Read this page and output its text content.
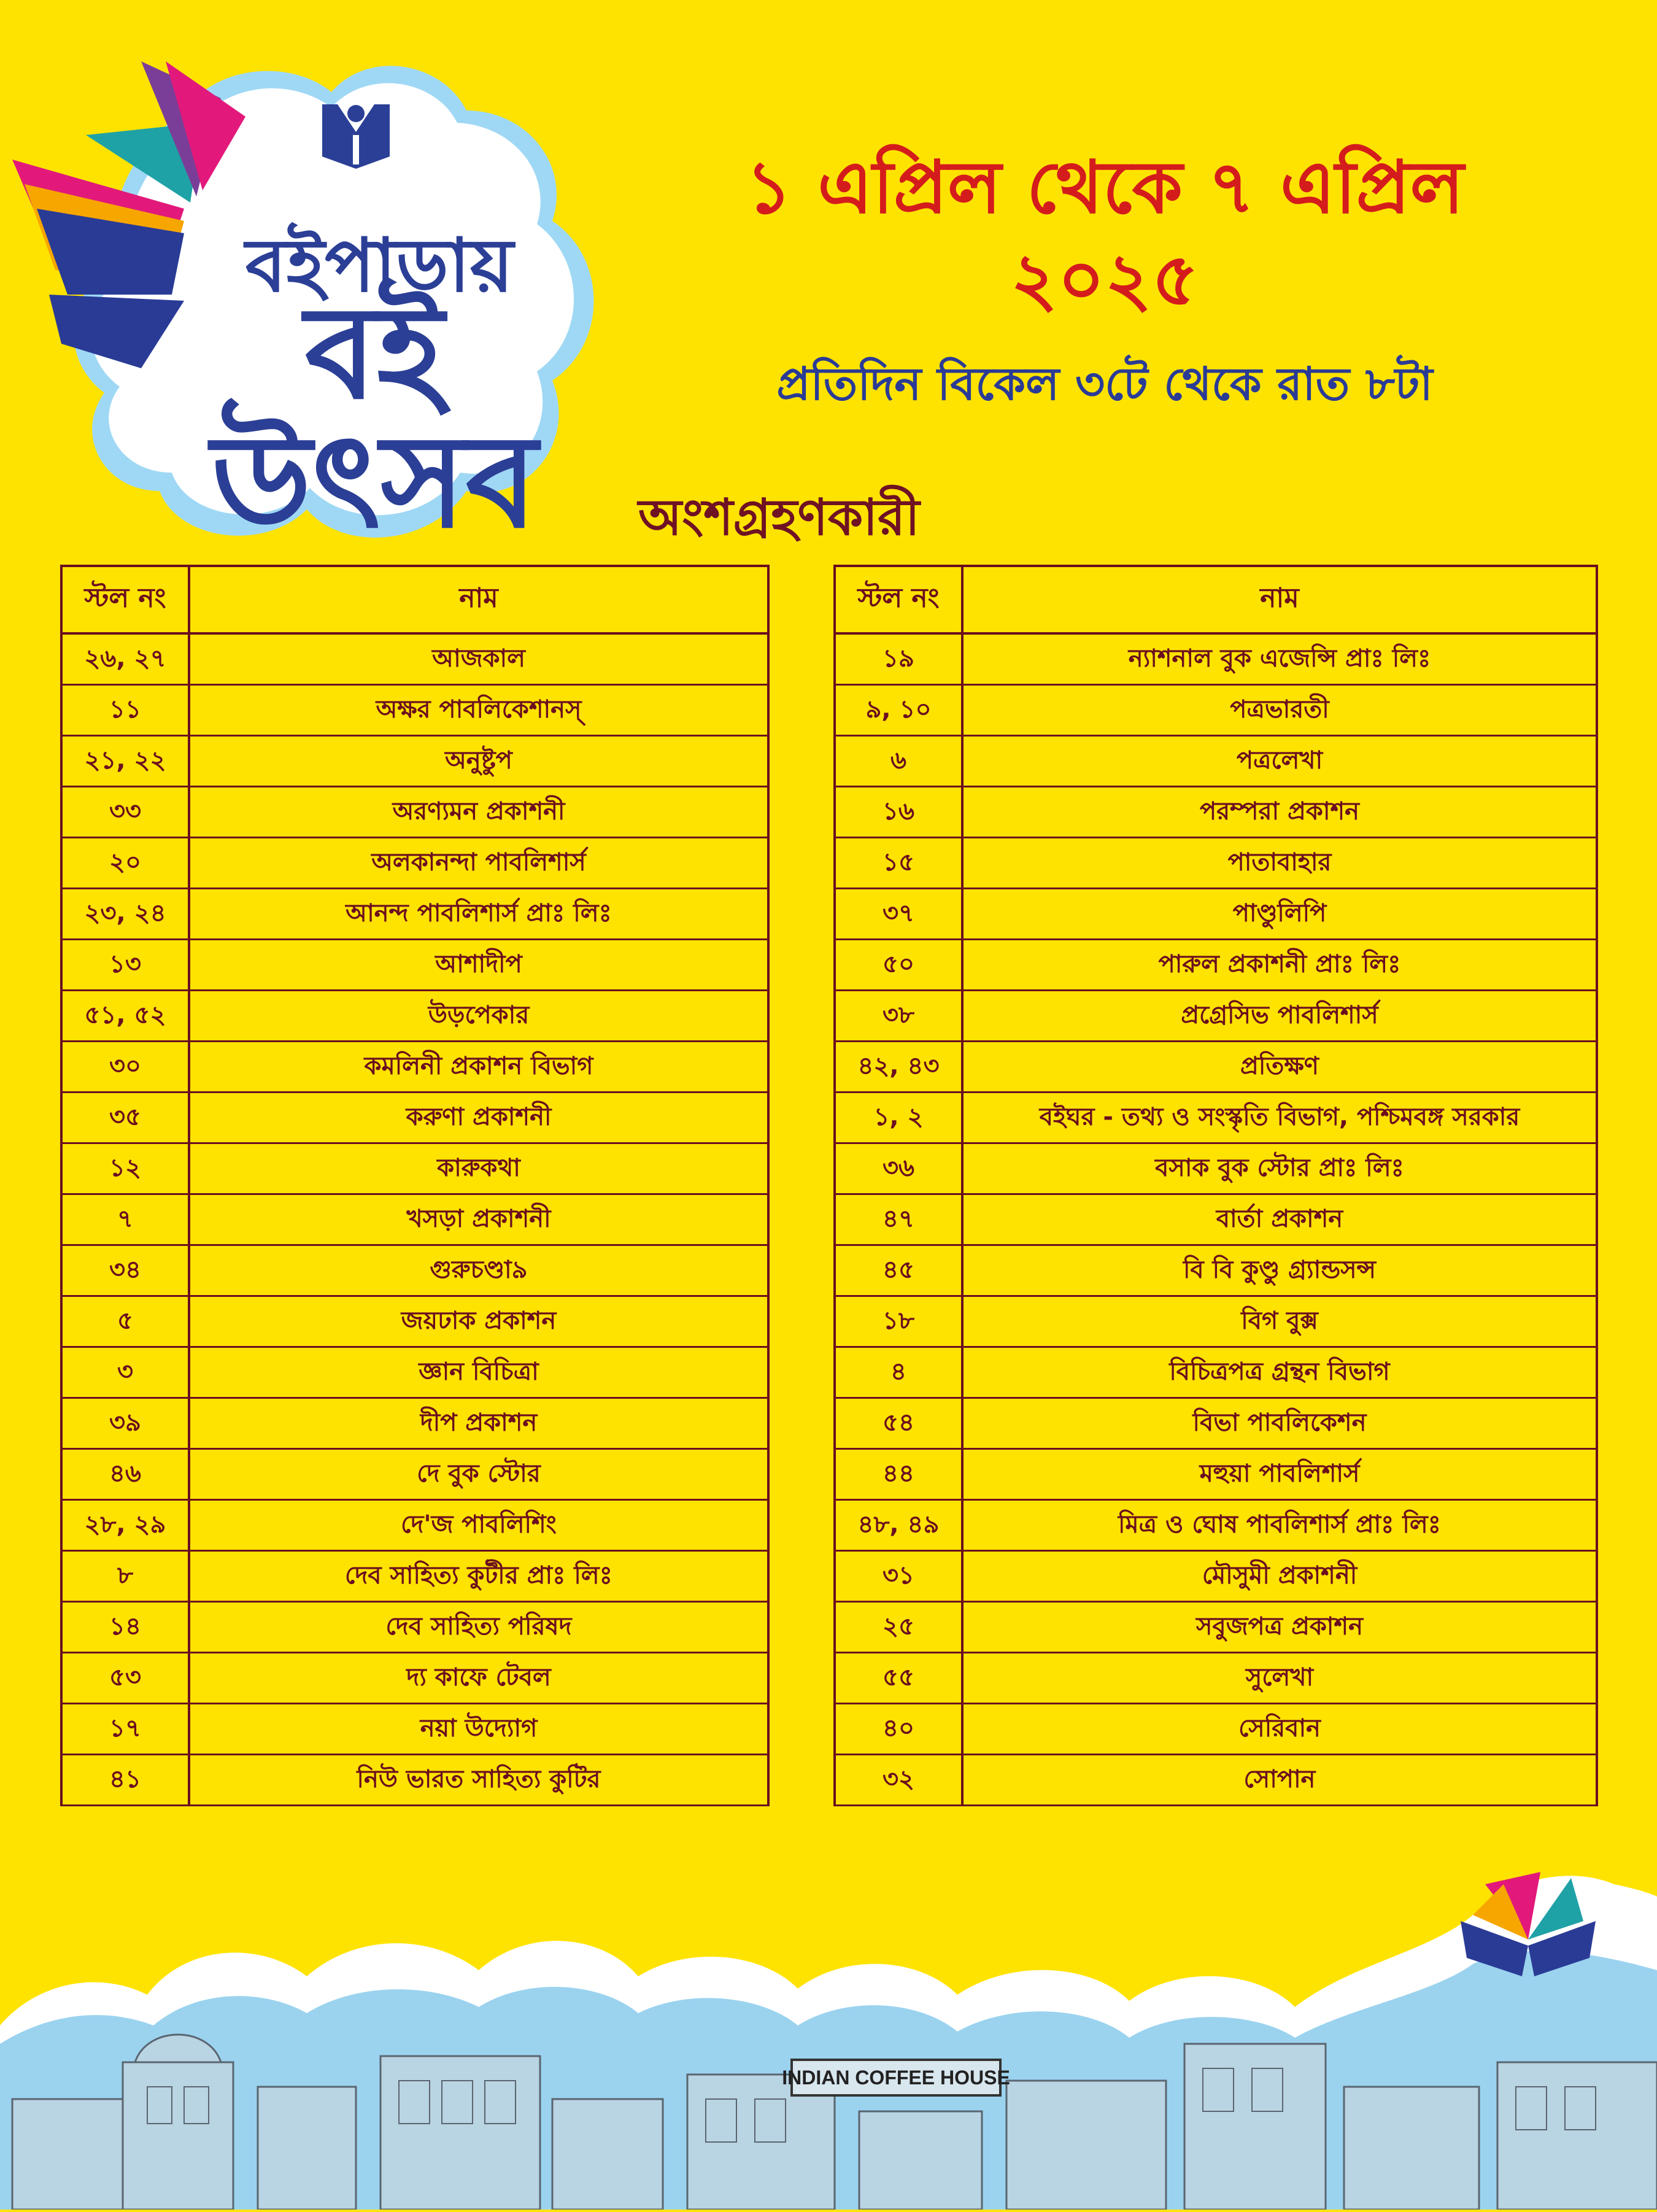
বইপাড়ায়
বই উৎসব
১ এপ্রিল থেকে ৭ এপ্রিল
২০২৫
প্রতিদিন বিকেল ৩টে থেকে রাত ৮টা
অংশগ্রহণকারী
স্টল নং	নাম
২৬, ২৭	আজকাল
১১	অক্ষর পাবলিকেশানস্
২১, ২২	অনুষ্টুপ
৩৩	অরণ্যমন প্রকাশনী
২০	অলকানন্দা পাবলিশার্স
২৩, ২৪	আনন্দ পাবলিশার্স প্রাঃ লিঃ
১৩	আশাদীপ
৫১, ৫২	উড়পেকার
৩০	কমলিনী প্রকাশন বিভাগ
৩৫	করুণা প্রকাশনী
১২	কারুকথা
৭	খসড়া প্রকাশনী
৩৪	গুরুচণ্ডা৯
৫	জয়ঢাক প্রকাশন
৩	জ্ঞান বিচিত্রা
৩৯	দীপ প্রকাশন
৪৬	দে বুক স্টোর
২৮, ২৯	দে'জ পাবলিশিং
৮	দেব সাহিত্য কুটীর প্রাঃ লিঃ
১৪	দেব সাহিত্য পরিষদ
৫৩	দ্য কাফে টেবল
১৭	নয়া উদ্যোগ
৪১	নিউ ভারত সাহিত্য কুটির
স্টল নং	নাম
১৯	ন্যাশনাল বুক এজেন্সি প্রাঃ লিঃ
৯, ১০	পত্রভারতী
৬	পত্রলেখা
১৬	পরম্পরা প্রকাশন
১৫	পাতাবাহার
৩৭	পাণ্ডুলিপি
৫০	পারুল প্রকাশনী প্রাঃ লিঃ
৩৮	প্রগ্রেসিভ পাবলিশার্স
৪২, ৪৩	প্রতিক্ষণ
১, ২	বইঘর - তথ্য ও সংস্কৃতি বিভাগ, পশ্চিমবঙ্গ সরকার
৩৬	বসাক বুক স্টোর প্রাঃ লিঃ
৪৭	বার্তা প্রকাশন
৪৫	বি বি কুণ্ডু গ্র্যান্ডসন্স
১৮	বিগ বুক্স
৪	বিচিত্রপত্র গ্রন্থন বিভাগ
৫৪	বিভা পাবলিকেশন
৪৪	মহুয়া পাবলিশার্স
৪৮, ৪৯	মিত্র ও ঘোষ পাবলিশার্স প্রাঃ লিঃ
৩১	মৌসুমী প্রকাশনী
২৫	সবুজপত্র প্রকাশন
৫৫	সুলেখা
৪০	সেরিবান
৩২	সোপান
INDIAN COFFEE HOUSE
